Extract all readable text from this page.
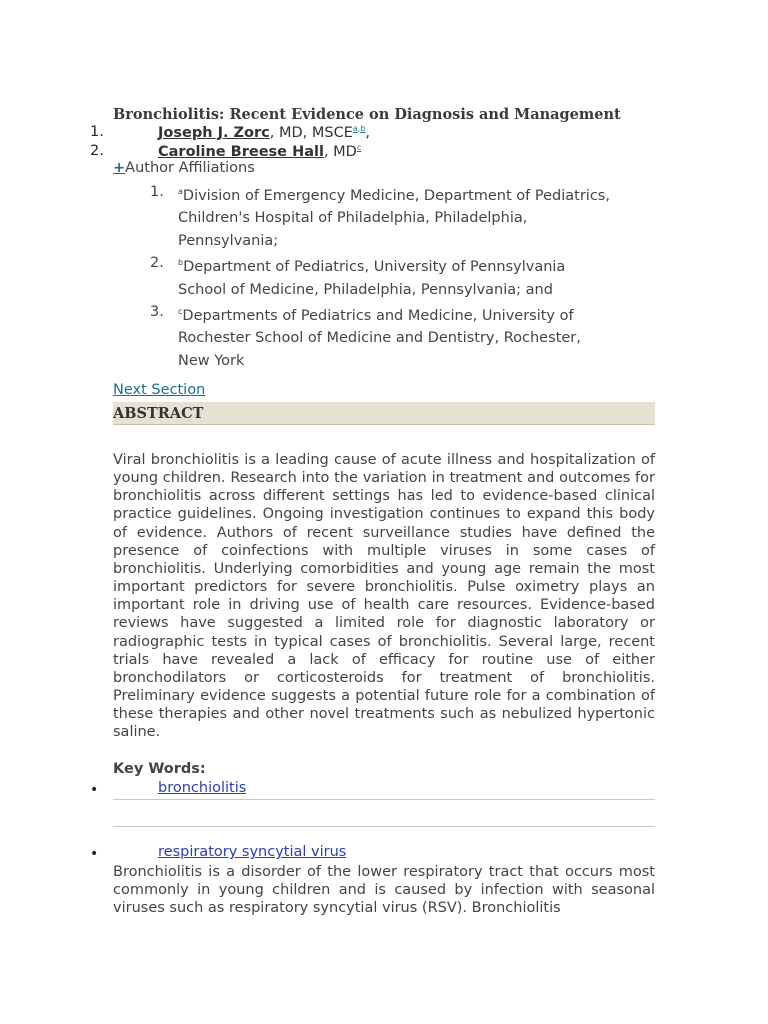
Bronchiolitis: Recent Evidence on Diagnosis and Management
1.	Joseph J. Zorc, MD, MSCE$^{a,b}$,
2.	Caroline Breese Hall, $MD^c$
+Author Affiliations
1.	$^a$Division of Emergency Medicine, Department of Pediatrics, Children's Hospital of Philadelphia, Philadelphia, Pennsylvania;
2.	$^b$Department of Pediatrics, University of Pennsylvania School of Medicine, Philadelphia, Pennsylvania; and
3.	$^c$Departments of Pediatrics and Medicine, University of Rochester School of Medicine and Dentistry, Rochester, New York
Next Section
ABSTRACT
Viral bronchiolitis is a leading cause of acute illness and hospitalization of young children. Research into the variation in treatment and outcomes for bronchiolitis across different settings has led to evidence-based clinical practice guidelines. Ongoing investigation continues to expand this body of evidence. Authors of recent surveillance studies have defined the presence of coinfections with multiple viruses in some cases of bronchiolitis. Underlying comorbidities and young age remain the most important predictors for severe bronchiolitis. Pulse oximetry plays an important role in driving use of health care resources. Evidence-based reviews have suggested a limited role for diagnostic laboratory or radiographic tests in typical cases of bronchiolitis. Several large, recent trials have revealed a lack of efficacy for routine use of either bronchodilators or corticosteroids for treatment of bronchiolitis. Preliminary evidence suggests a potential future role for a combination of these therapies and other novel treatments such as nebulized hypertonic saline.
Key Words:
•	bronchiolitis
•	respiratory syncytial virus
Bronchiolitis is a disorder of the lower respiratory tract that occurs most commonly in young children and is caused by infection with seasonal viruses such as respiratory syncytial virus (RSV). Bronchiolitis
